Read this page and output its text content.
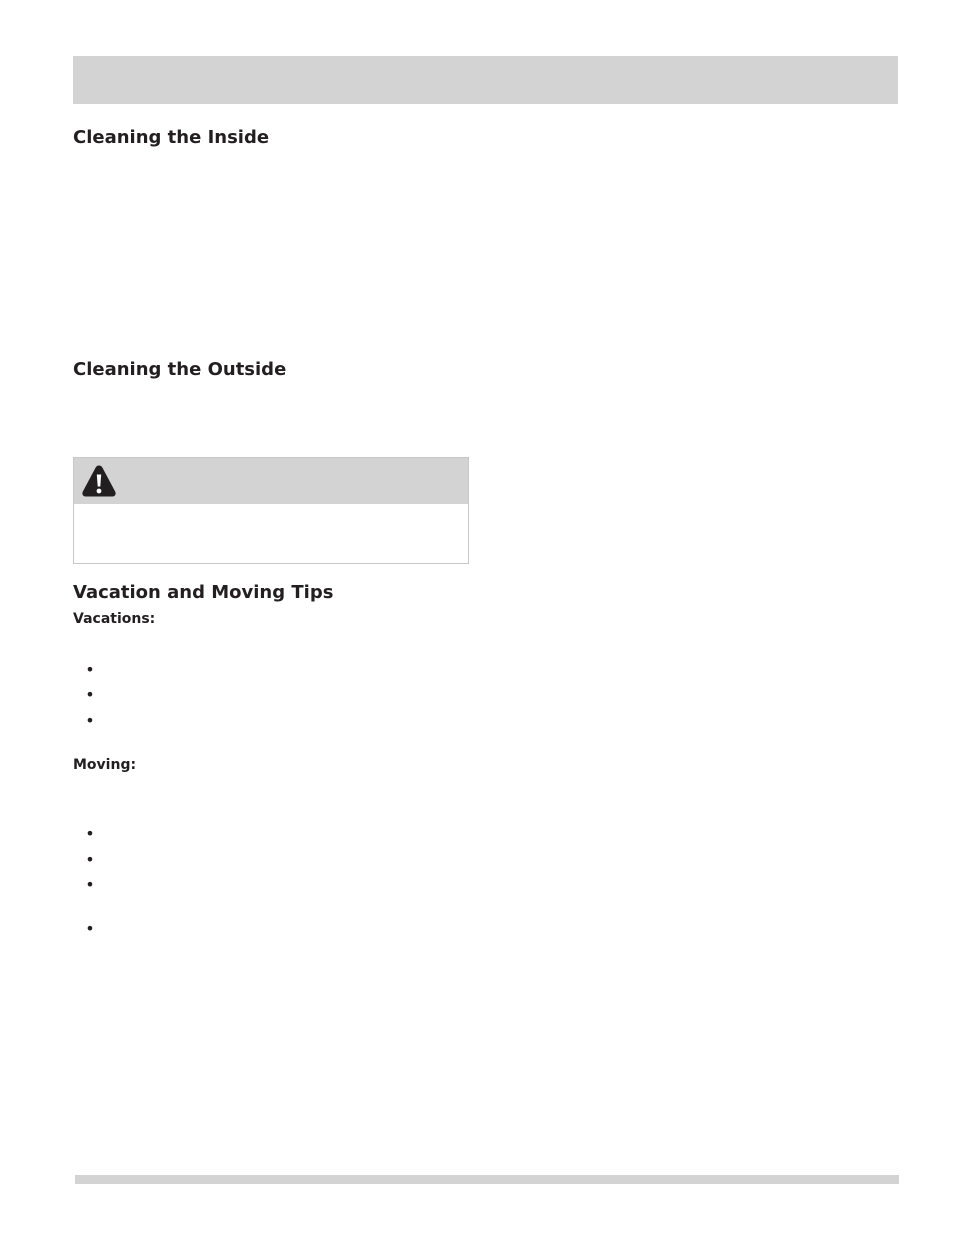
Cleaning the Inside
Cleaning the Outside
Vacation and Moving Tips
Vacations:
•
•
•
Moving:
•
•
•
•
